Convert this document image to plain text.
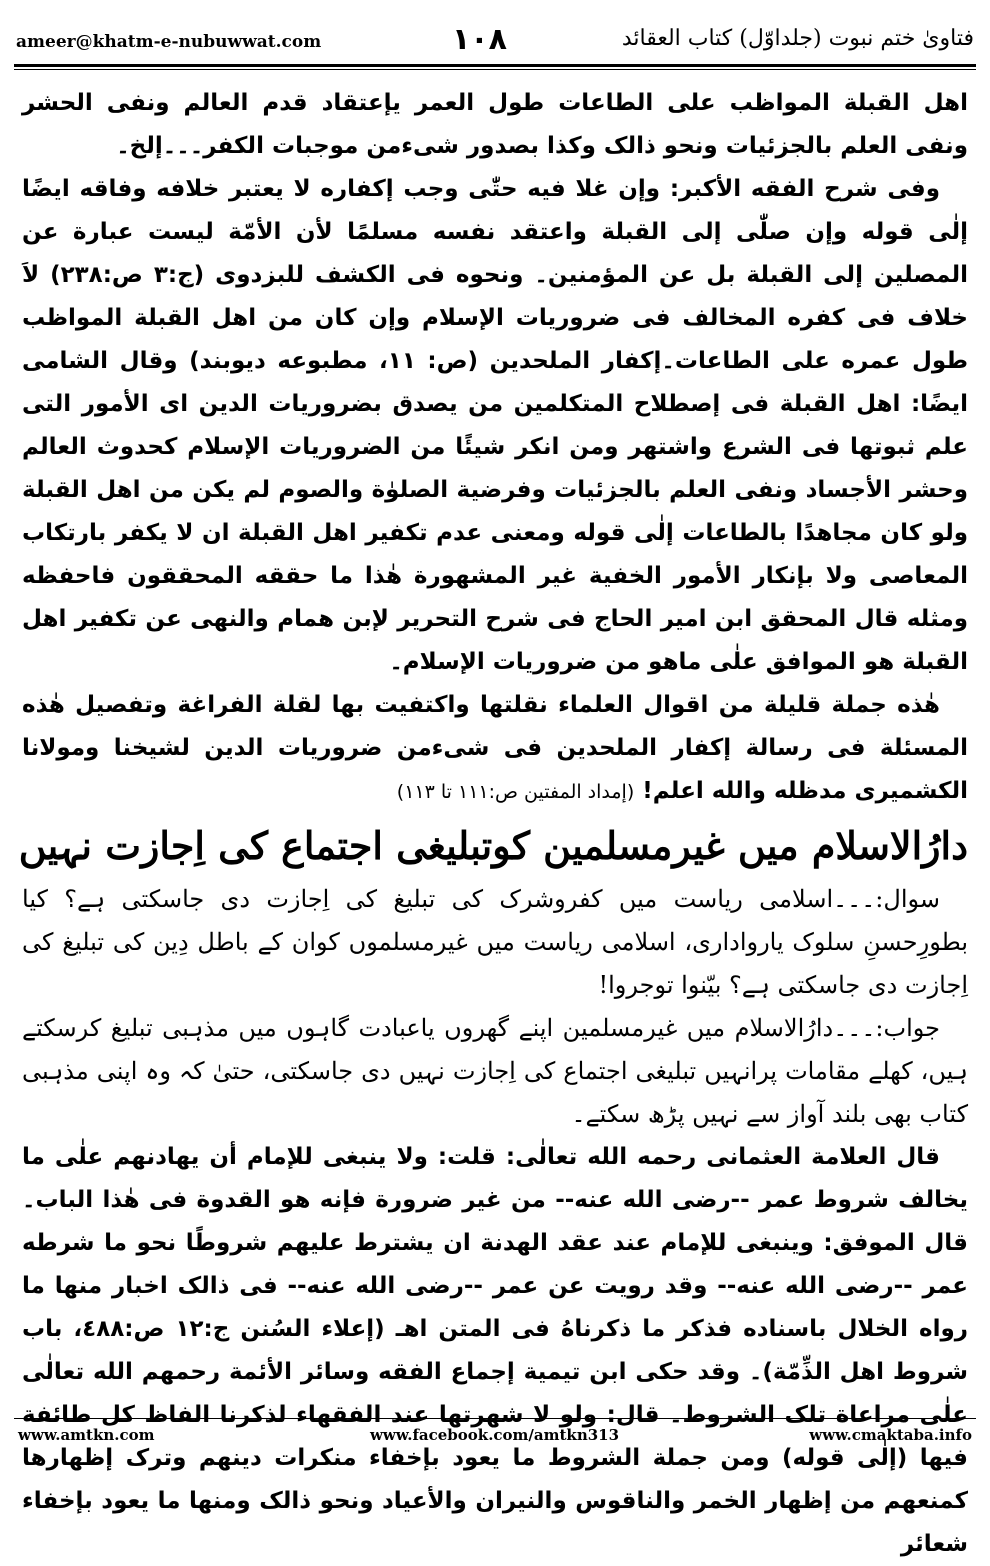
ameer@khatm-e-nubuwwat.com	١٠٨	فتاویٰ ختم نبوت (جلداوّل) کتاب العقائد

اهل القبلة المواظب على الطاعات طول العمر يإعتقاد قدم العالم ونفى الحشر ونفى العلم بالجزئيات ونحو ذالک وکذا بصدور شیءمن موجبات الکفر۔۔۔إلخ۔

وفی شرح الفقه الأکبر: وإن غلا فیه حتّٰی وجب إکفاره لا یعتبر خلافه وفاقه ایضًا إلٰی قوله وإن صلّٰی إلی القبلة واعتقد نفسه مسلمًا لأن الأمّة لیست عبارة عن المصلین إلی القبلة بل عن المؤمنین۔ ونحوه فی الکشف للبزدوی (ج:٣ ص:٢٣٨) لاَ خلاف فی کفره المخالف فی ضروریات الإسلام وإن کان من اهل القبلة المواظب طول عمره علی الطاعات۔إکفار الملحدین (ص: ١١، مطبوعه دیوبند) وقال الشامی ایضًا: اهل القبلة فی إصطلاح المتکلمین من یصدق بضروریات الدین ای الأمور التی علم ثبوتها فی الشرع واشتهر ومن انکر شیئًا من الضروریات الإسلام کحدوث العالم وحشر الأجساد ونفی العلم بالجزئیات وفرضیة الصلوٰة والصوم لم یکن من اهل القبلة ولو کان مجاهدًا بالطاعات إلٰی قوله ومعنی عدم تکفیر اهل القبلة ان لا یکفر بارتکاب المعاصی ولا بإنکار الأمور الخفیة غیر المشهورة هٰذا ما حققه المحققون فاحفظه ومثله قال المحقق ابن امیر الحاج فی شرح التحریر لإبن همام والنهی عن تکفیر اهل القبلة هو الموافق علٰی ماهو من ضروریات الإسلام۔

هٰذه جملة قلیلة من اقوال العلماء نقلتها واکتفیت بها لقلة الفراغة وتفصیل هٰذه المسئلة فی رسالة إکفار الملحدین فی شیءمن ضروریات الدین لشیخنا ومولانا الکشمیری مدظله والله اعلم! (إمداد المفتین ص:١١١ تا ١١٣)

دارُالاسلام میں غیرمسلمین کوتبلیغی اجتماع کی اِجازت نہیں

سوال:۔۔۔اسلامی ریاست میں کفروشرک کی تبلیغ کی اِجازت دی جاسکتی ہے؟ کیا بطورِحسنِ سلوک یارواداری، اسلامی ریاست میں غیرمسلموں کوان کے باطل دِین کی تبلیغ کی اِجازت دی جاسکتی ہے؟ بیّنوا توجروا!

جواب:۔۔۔دارُالاسلام میں غیرمسلمین اپنے گھروں یاعبادت گاہوں میں مذہبی تبلیغ کرسکتے ہیں، کھلے مقامات پرانہیں تبلیغی اجتماع کی اِجازت نہیں دی جاسکتی، حتیٰ کہ وہ اپنی مذہبی کتاب بھی بلند آواز سے نہیں پڑھ سکتے۔

قال العلامة العثمانی رحمه الله تعالٰی: قلت: ولا ینبغی للإمام أن یهادنهم علٰی ما یخالف شروط عمر --رضی الله عنه-- من غیر ضرورة فإنه هو القدوة فی هٰذا الباب۔ قال الموفق: وینبغی للإمام عند عقد الهدنة ان یشترط علیهم شروطًا نحو ما شرطه عمر --رضی الله عنه-- وقد رویت عن عمر --رضی الله عنه-- فی ذالک اخبار منها ما رواه الخلال باسناده فذکر ما ذکرناهُ فی المتن اهـ (إعلاء السُنن ج:١٢ ص:٤٨٨، باب شروط اهل الذِّمّة)۔ وقد حکی ابن تیمیة إجماع الفقه وسائر الأئمة رحمهم الله تعالٰی علٰی مراعاة تلک الشروط۔ قال: ولو لا شهرتها عند الفقهاء لذکرنا الفاظ کل طائفة فیها (إلٰی قوله) ومن جملة الشروط ما یعود بإخفاء منکرات دینهم وترک إظهارها کمنعهم من إظهار الخمر والناقوس والنیران والأعیاد ونحو ذالک ومنها ما یعود بإخفاء شعائر

www.amtkn.com	www.facebook.com/amtkn313	www.cmaktaba.info
